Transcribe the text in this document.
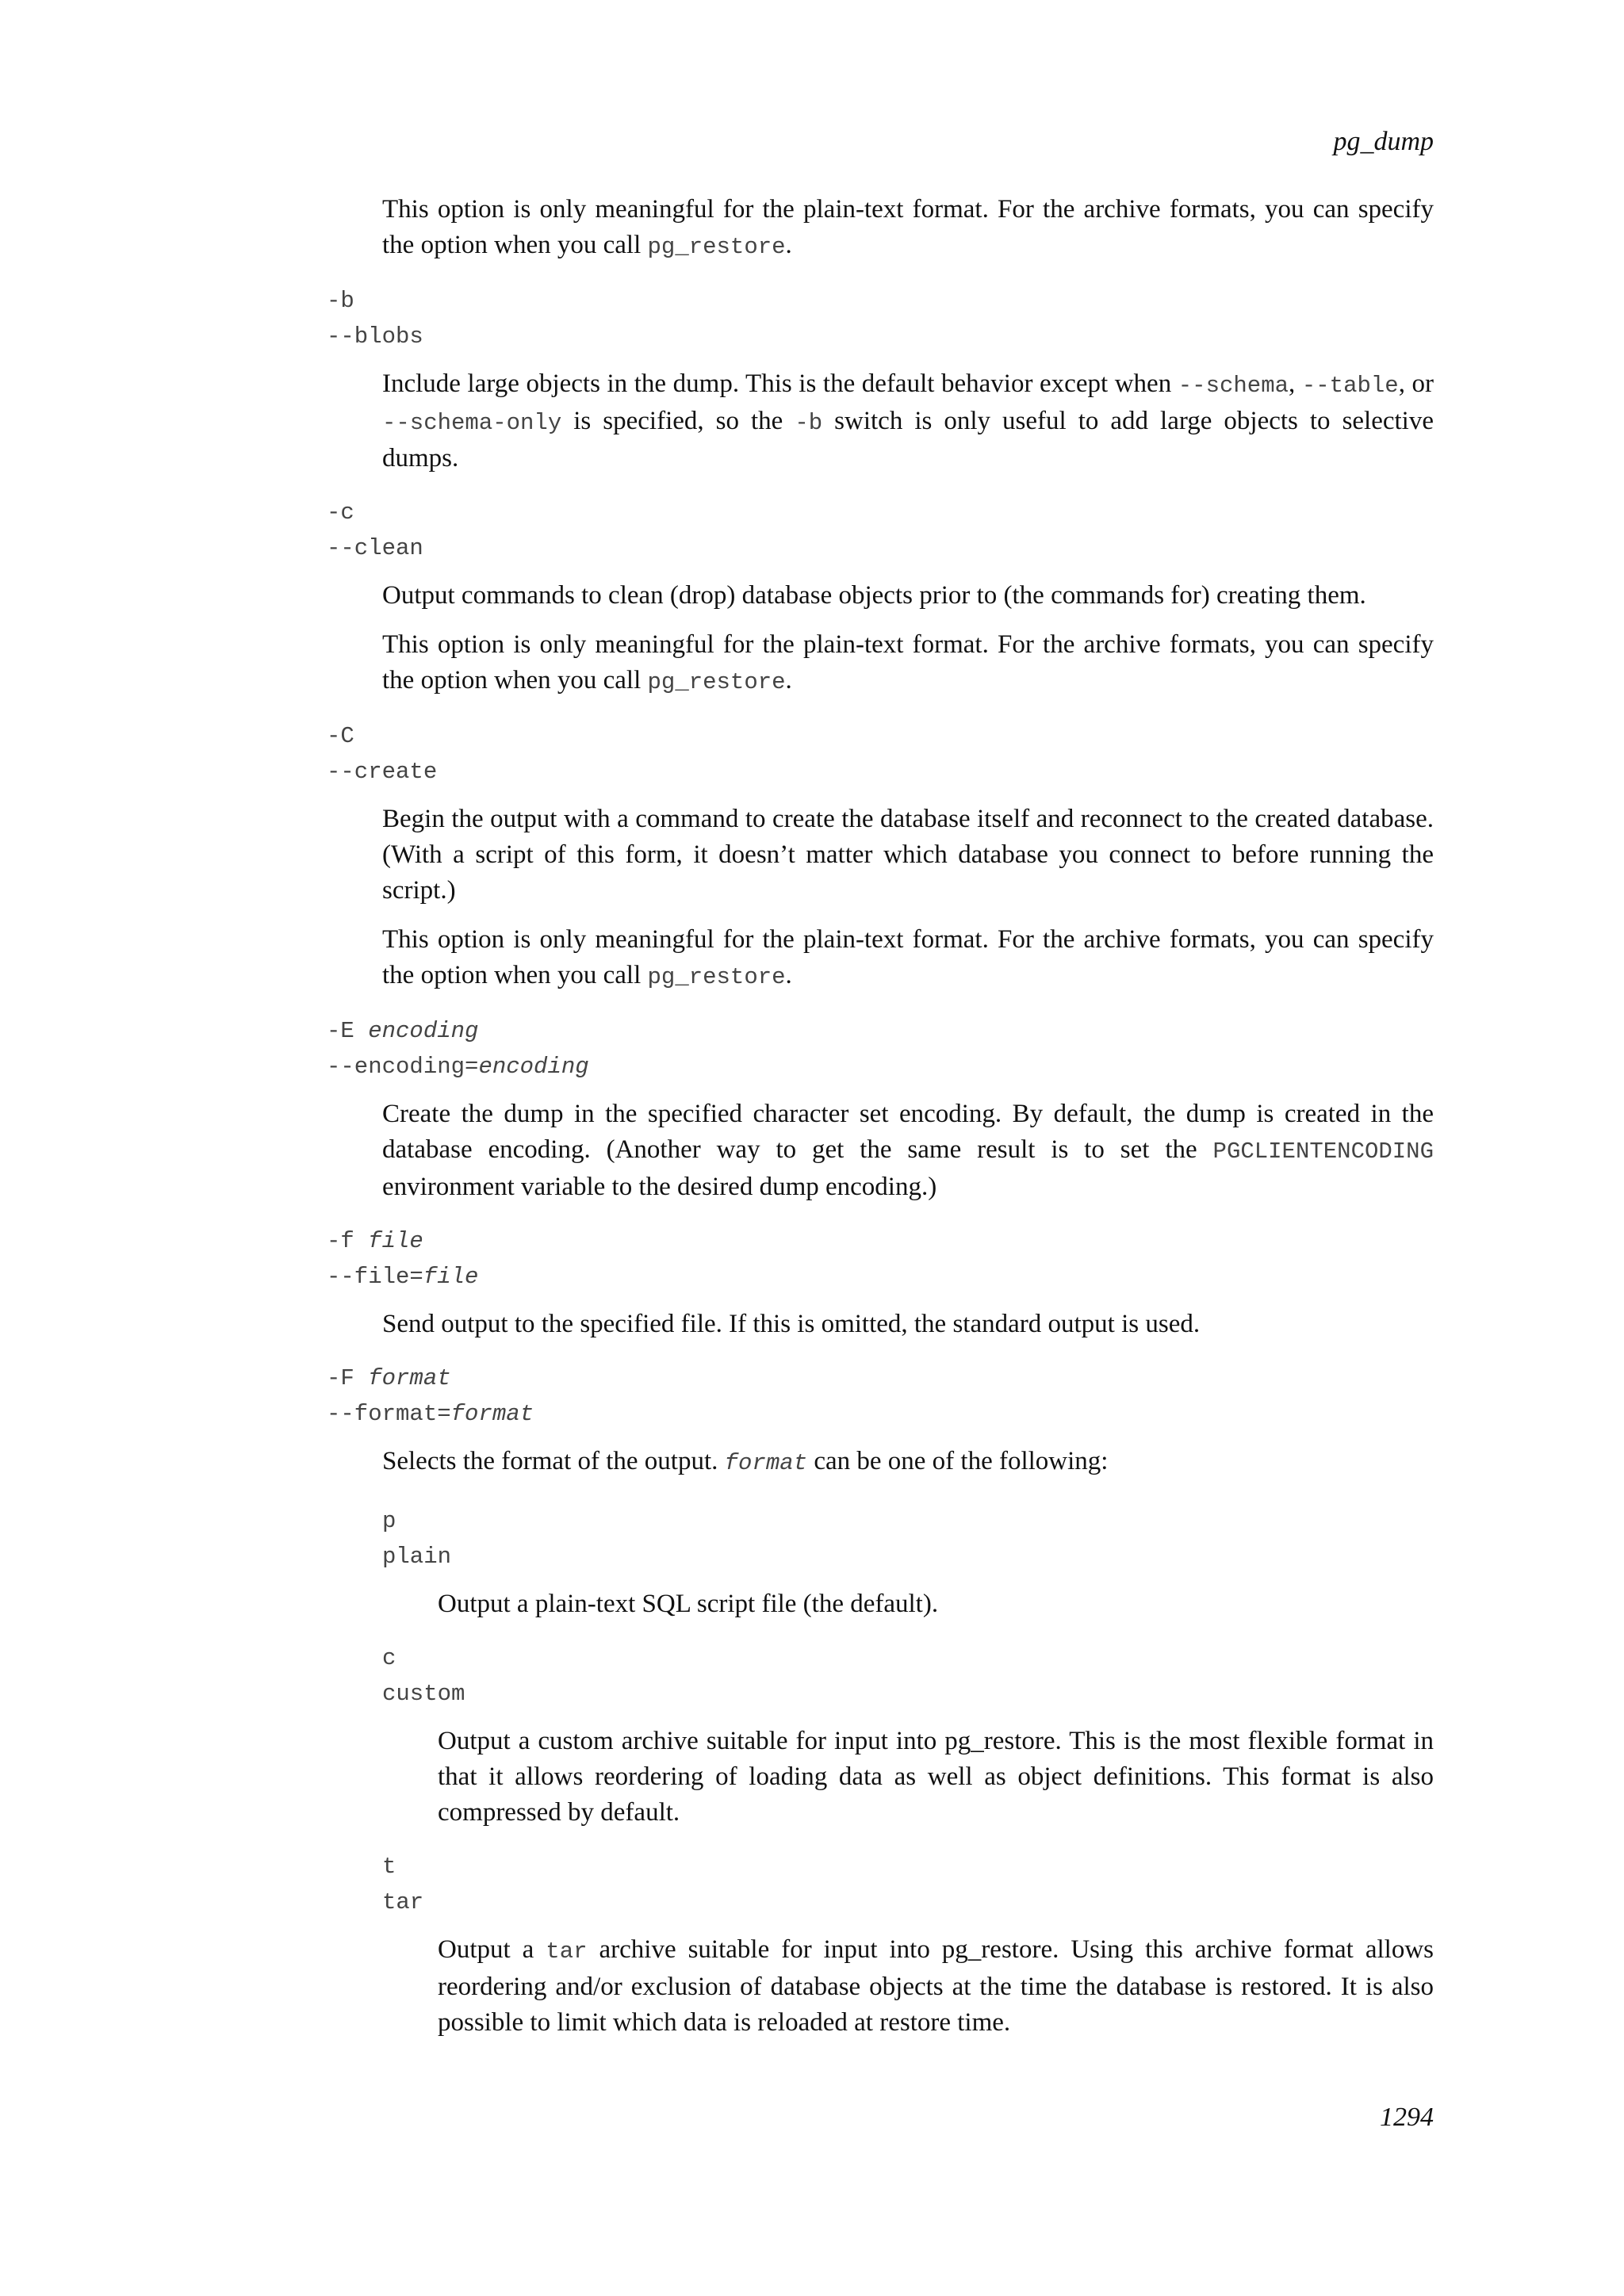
pg_dump
This option is only meaningful for the plain-text format. For the archive formats, you can specify the option when you call pg_restore.
-b
--blobs
Include large objects in the dump. This is the default behavior except when --schema, --table, or --schema-only is specified, so the -b switch is only useful to add large objects to selective dumps.
-c
--clean
Output commands to clean (drop) database objects prior to (the commands for) creating them.
This option is only meaningful for the plain-text format. For the archive formats, you can specify the option when you call pg_restore.
-C
--create
Begin the output with a command to create the database itself and reconnect to the created database. (With a script of this form, it doesn’t matter which database you connect to before running the script.)
This option is only meaningful for the plain-text format. For the archive formats, you can specify the option when you call pg_restore.
-E encoding
--encoding=encoding
Create the dump in the specified character set encoding. By default, the dump is created in the database encoding. (Another way to get the same result is to set the PGCLIENTENCODING environment variable to the desired dump encoding.)
-f file
--file=file
Send output to the specified file. If this is omitted, the standard output is used.
-F format
--format=format
Selects the format of the output. format can be one of the following:
p
plain
Output a plain-text SQL script file (the default).
c
custom
Output a custom archive suitable for input into pg_restore. This is the most flexible format in that it allows reordering of loading data as well as object definitions. This format is also compressed by default.
t
tar
Output a tar archive suitable for input into pg_restore. Using this archive format allows reordering and/or exclusion of database objects at the time the database is restored. It is also possible to limit which data is reloaded at restore time.
1294
